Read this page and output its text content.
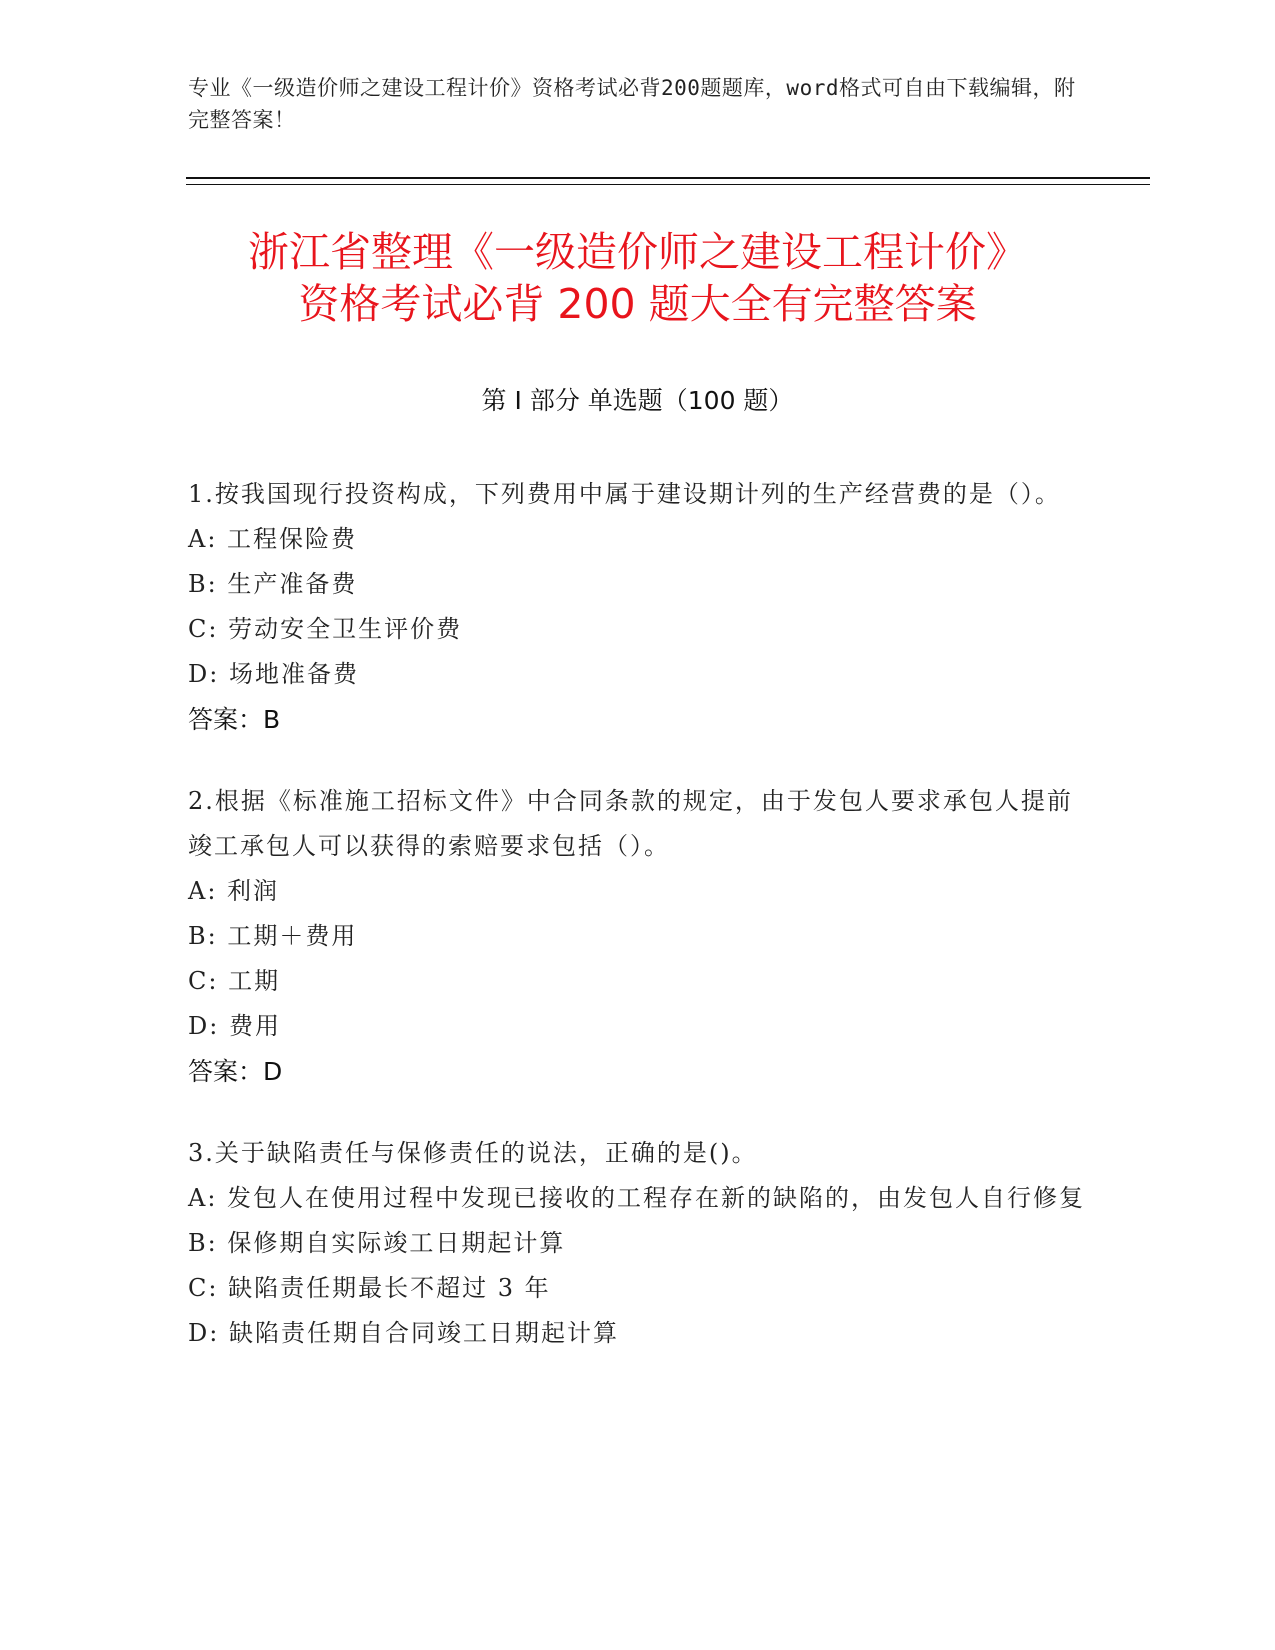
专业《一级造价师之建设工程计价》资格考试必背200题题库，word格式可自由下载编辑，附完整答案！
浙江省整理《一级造价师之建设工程计价》
资格考试必背 200 题大全有完整答案
第 I 部分 单选题（100 题）

1.按我国现行投资构成，下列费用中属于建设期计列的生产经营费的是（）。

A: 工程保险费

B: 生产准备费

C: 劳动安全卫生评价费

D: 场地准备费

答案：B

2.根据《标准施工招标文件》中合同条款的规定，由于发包人要求承包人提前竣工承包人可以获得的索赔要求包括（）。

A: 利润

B: 工期＋费用

C: 工期

D: 费用

答案：D

3.关于缺陷责任与保修责任的说法，正确的是()。

A: 发包人在使用过程中发现已接收的工程存在新的缺陷的，由发包人自行修复

B: 保修期自实际竣工日期起计算

C: 缺陷责任期最长不超过 3 年

D: 缺陷责任期自合同竣工日期起计算
